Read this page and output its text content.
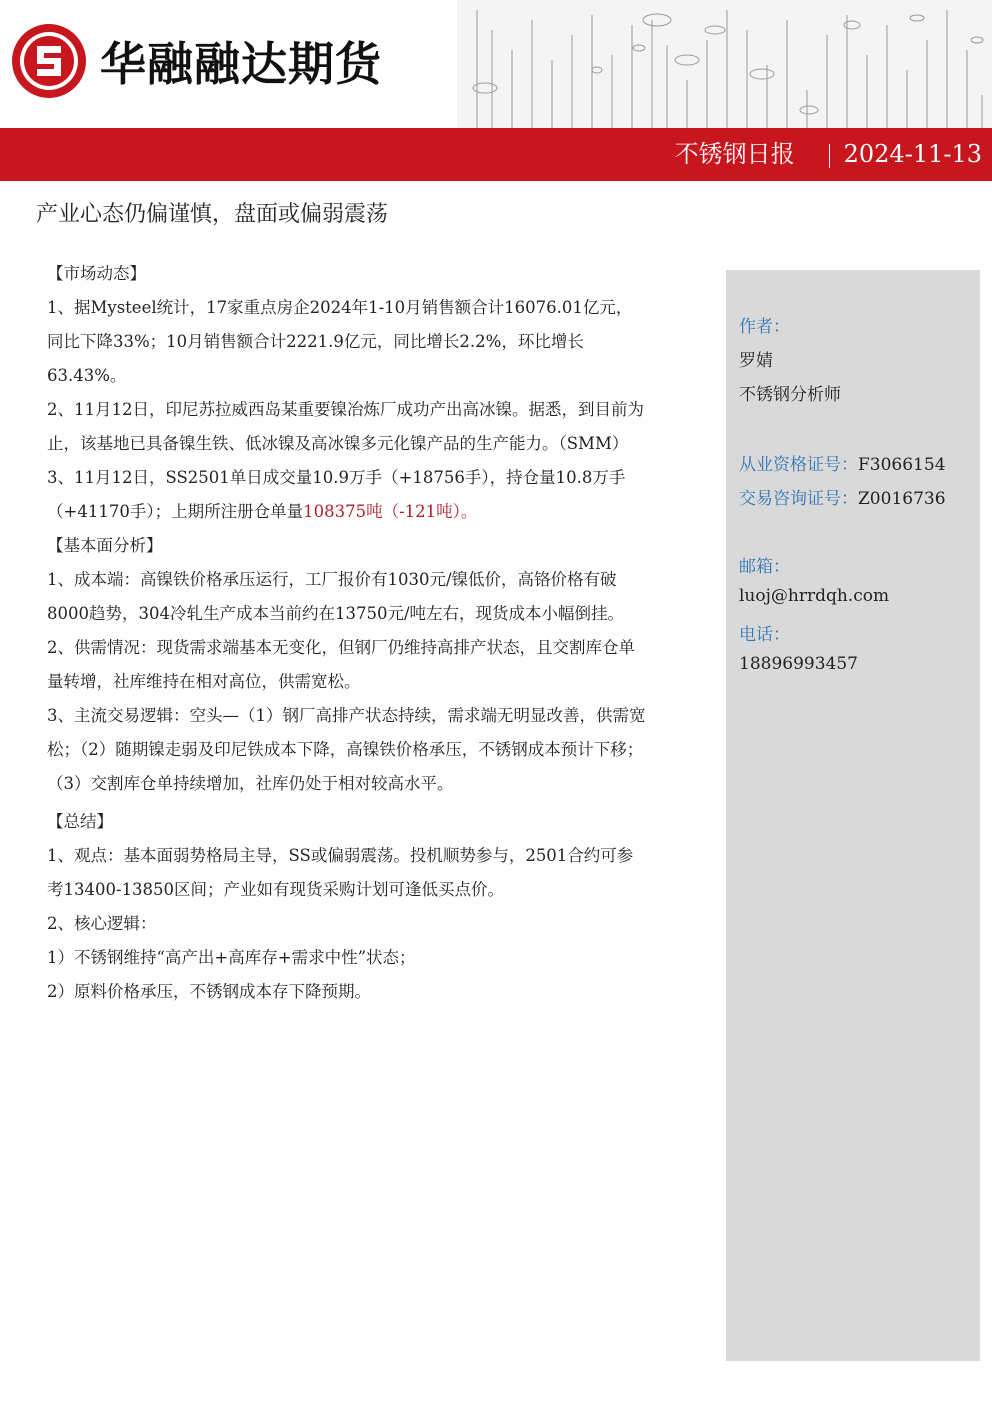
华融融达期货
不锈钢日报 2024-11-13
产业心态仍偏谨慎，盘面或偏弱震荡

【市场动态】

1、据Mysteel统计，17家重点房企2024年1-10月销售额合计16076.01亿元，同比下降33%；10月销售额合计2221.9亿元，同比增长2.2%，环比增长63.43%。

2、11月12日，印尼苏拉威西岛某重要镍冶炼厂成功产出高冰镍。据悉，到目前为止，该基地已具备镍生铁、低冰镍及高冰镍多元化镍产品的生产能力。（SMM）

3、11月12日，SS2501单日成交量10.9万手（+18756手），持仓量10.8万手（+41170手）；上期所注册仓单量108375吨（-121吨）。

【基本面分析】

1、成本端：高镍铁价格承压运行，工厂报价有1030元/镍低价，高铬价格有破8000趋势，304冷轧生产成本当前约在13750元/吨左右，现货成本小幅倒挂。

2、供需情况：现货需求端基本无变化，但钢厂仍维持高排产状态，且交割库仓单量转增，社库维持在相对高位，供需宽松。

3、主流交易逻辑：空头—（1）钢厂高排产状态持续，需求端无明显改善，供需宽松；（2）随期镍走弱及印尼铁成本下降，高镍铁价格承压，不锈钢成本预计下移；（3）交割库仓单持续增加，社库仍处于相对较高水平。

【总结】

1、观点：基本面弱势格局主导，SS或偏弱震荡。投机顺势参与，2501合约可参考13400-13850区间；产业如有现货采购计划可逢低买点价。

2、核心逻辑：

1）不锈钢维持“高产出+高库存+需求中性”状态；

2）原料价格承压，不锈钢成本存下降预期。

作者：
罗婧
不锈钢分析师
从业资格证号：F3066154
交易咨询证号：Z0016736
邮箱：
luoj@hrrdqh.com
电话：
18896993457
